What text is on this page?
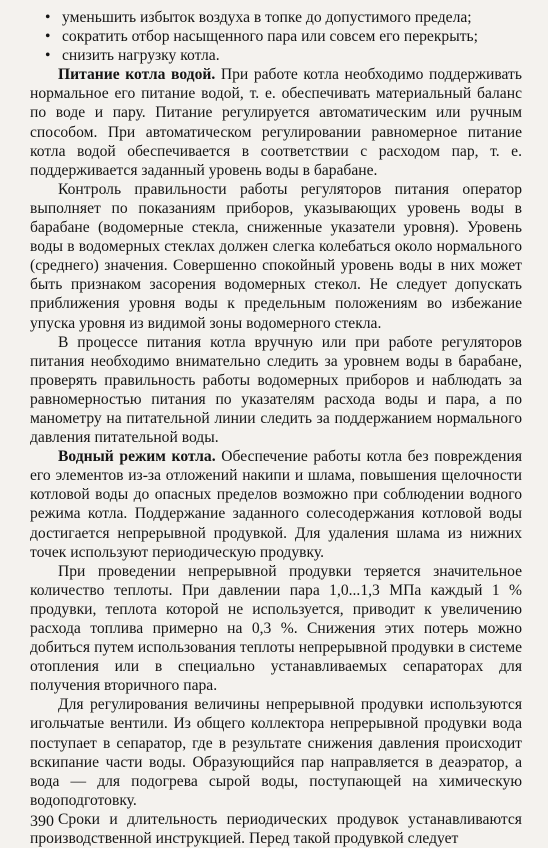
• уменьшить избыток воздуха в топке до допустимого предела;
• сократить отбор насыщенного пара или совсем его перекрыть;
• снизить нагрузку котла.

Питание котла водой. При работе котла необходимо поддерживать нормальное его питание водой, т. е. обеспечивать материальный баланс по воде и пару. Питание регулируется автоматическим или ручным способом. При автоматическом регулировании равномерное питание котла водой обеспечивается в соответствии с расходом пар, т. е. поддерживается заданный уровень воды в барабане.

Контроль правильности работы регуляторов питания оператор выполняет по показаниям приборов, указывающих уровень воды в барабане (водомерные стекла, сниженные указатели уровня). Уровень воды в водомерных стеклах должен слегка колебаться около нормального (среднего) значения. Совершенно спокойный уровень воды в них может быть признаком засорения водомерных стекол. Не следует допускать приближения уровня воды к предельным положениям во избежание упуска уровня из видимой зоны водомерного стекла.

В процессе питания котла вручную или при работе регуляторов питания необходимо внимательно следить за уровнем воды в барабане, проверять правильность работы водомерных приборов и наблюдать за равномерностью питания по указателям расхода воды и пара, а по манометру на питательной линии следить за поддержанием нормального давления питательной воды.

Водный режим котла. Обеспечение работы котла без повреждения его элементов из-за отложений накипи и шлама, повышения щелочности котловой воды до опасных пределов возможно при соблюдении водного режима котла. Поддержание заданного солесодержания котловой воды достигается непрерывной продувкой. Для удаления шлама из нижних точек используют периодическую продувку.

При проведении непрерывной продувки теряется значительное количество теплоты. При давлении пара 1,0...1,3 МПа каждый 1 % продувки, теплота которой не используется, приводит к увеличению расхода топлива примерно на 0,3 %. Снижения этих потерь можно добиться путем использования теплоты непрерывной продувки в системе отопления или в специально устанавливаемых сепараторах для получения вторичного пара.

Для регулирования величины непрерывной продувки используются игольчатые вентили. Из общего коллектора непрерывной продувки вода поступает в сепаратор, где в результате снижения давления происходит вскипание части воды. Образующийся пар направляется в деаэратор, а вода — для подогрева сырой воды, поступающей на химическую водоподготовку.

Сроки и длительность периодических продувок устанавливаются производственной инструкцией. Перед такой продувкой следует

390
